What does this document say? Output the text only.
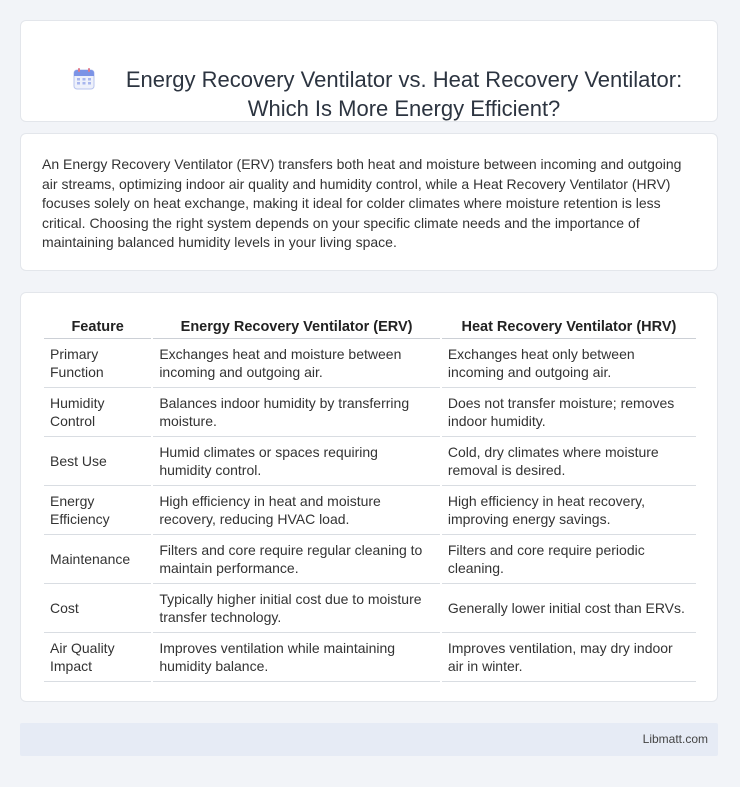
Energy Recovery Ventilator vs. Heat Recovery Ventilator:
Which Is More Energy Efficient?
An Energy Recovery Ventilator (ERV) transfers both heat and moisture between incoming and outgoing air streams, optimizing indoor air quality and humidity control, while a Heat Recovery Ventilator (HRV) focuses solely on heat exchange, making it ideal for colder climates where moisture retention is less critical. Choosing the right system depends on your specific climate needs and the importance of maintaining balanced humidity levels in your living space.
Feature	Energy Recovery Ventilator (ERV)	Heat Recovery Ventilator (HRV)
Primary Function	Exchanges heat and moisture between incoming and outgoing air.	Exchanges heat only between incoming and outgoing air.
Humidity Control	Balances indoor humidity by transferring moisture.	Does not transfer moisture; removes indoor humidity.
Best Use	Humid climates or spaces requiring humidity control.	Cold, dry climates where moisture removal is desired.
Energy Efficiency	High efficiency in heat and moisture recovery, reducing HVAC load.	High efficiency in heat recovery, improving energy savings.
Maintenance	Filters and core require regular cleaning to maintain performance.	Filters and core require periodic cleaning.
Cost	Typically higher initial cost due to moisture transfer technology.	Generally lower initial cost than ERVs.
Air Quality Impact	Improves ventilation while maintaining humidity balance.	Improves ventilation, may dry indoor air in winter.
Libmatt.com
